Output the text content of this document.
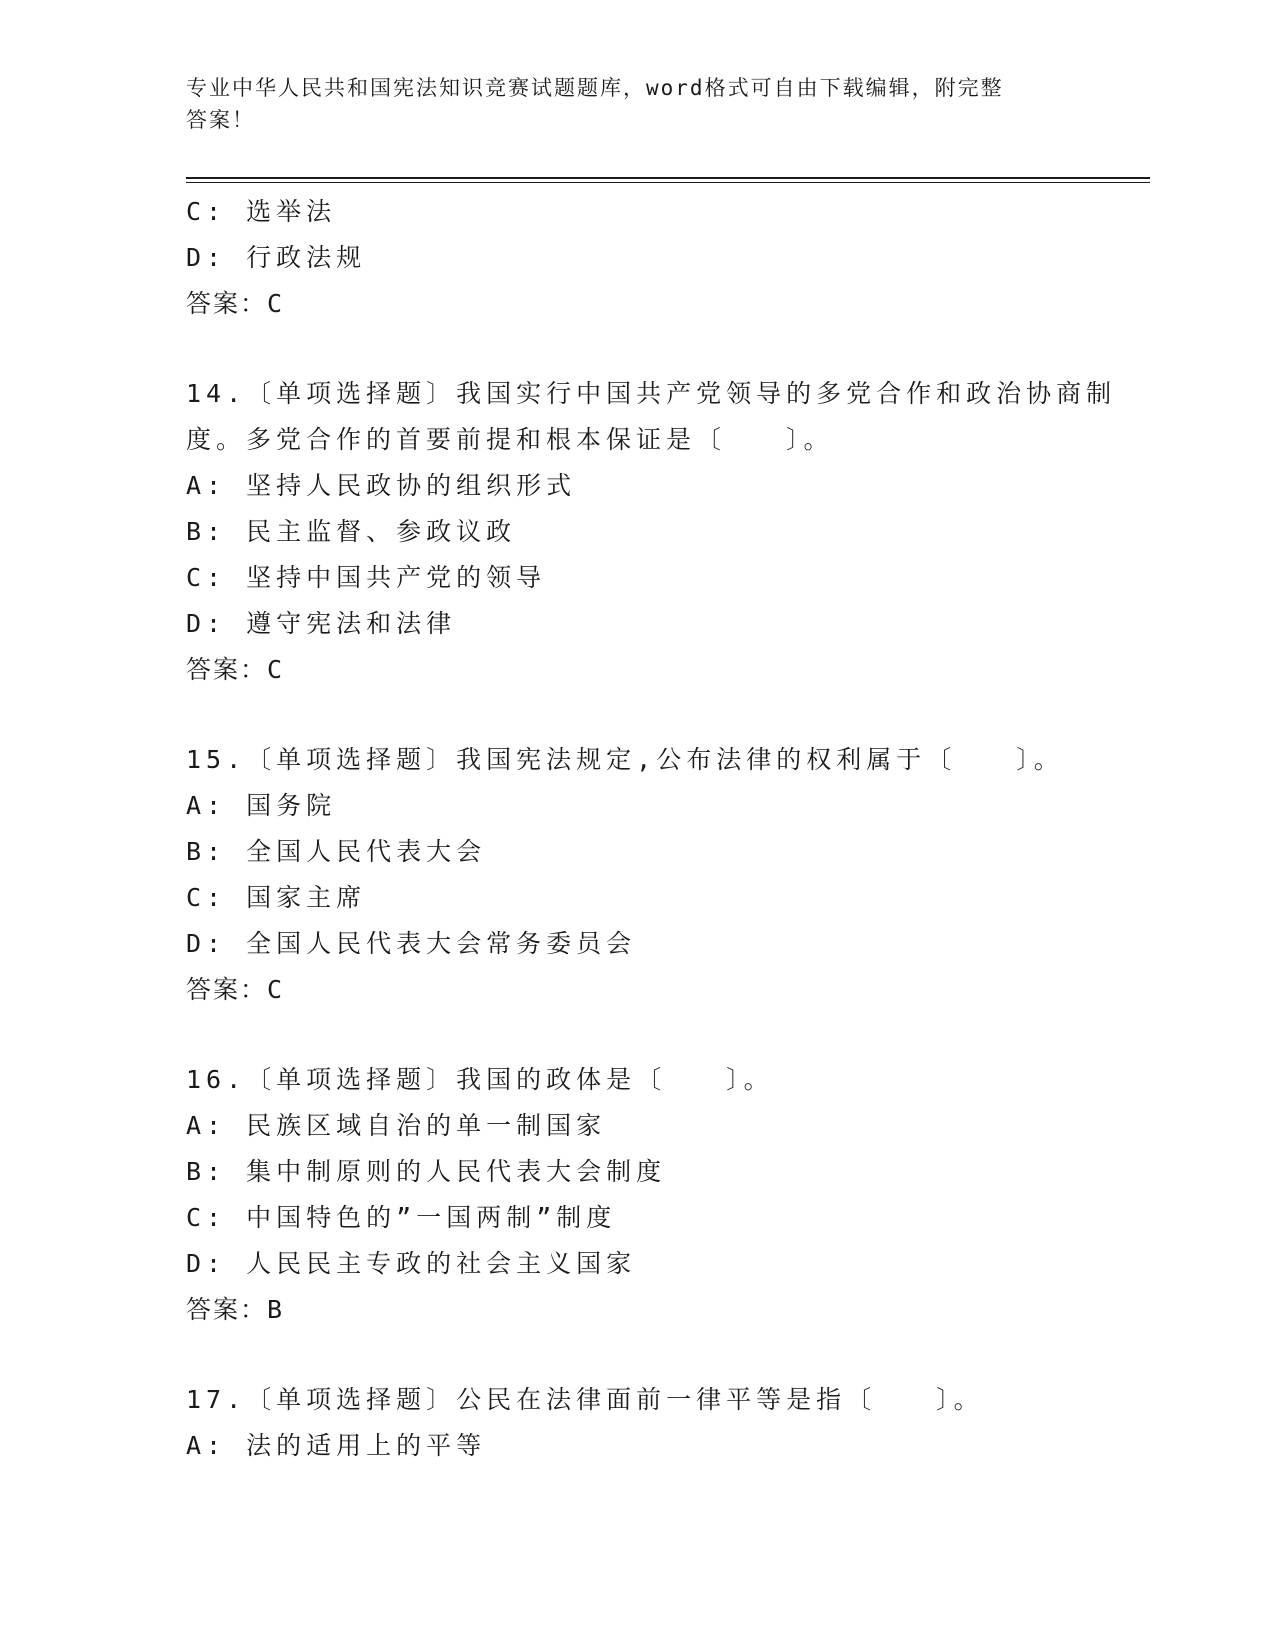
专业中华人民共和国宪法知识竞赛试题题库，word格式可自由下载编辑，附完整
答案！
C: 选举法
D: 行政法规
答案：C
14.〔单项选择题〕我国实行中国共产党领导的多党合作和政治协商制
度。多党合作的首要前提和根本保证是〔　　〕。
A: 坚持人民政协的组织形式
B: 民主监督、参政议政
C: 坚持中国共产党的领导
D: 遵守宪法和法律
答案：C
15.〔单项选择题〕我国宪法规定,公布法律的权利属于〔　　〕。
A: 国务院
B: 全国人民代表大会
C: 国家主席
D: 全国人民代表大会常务委员会
答案：C
16.〔单项选择题〕我国的政体是〔　　〕。
A: 民族区域自治的单一制国家
B: 集中制原则的人民代表大会制度
C: 中国特色的”一国两制”制度
D: 人民民主专政的社会主义国家
答案：B
17.〔单项选择题〕公民在法律面前一律平等是指〔　　〕。
A: 法的适用上的平等
